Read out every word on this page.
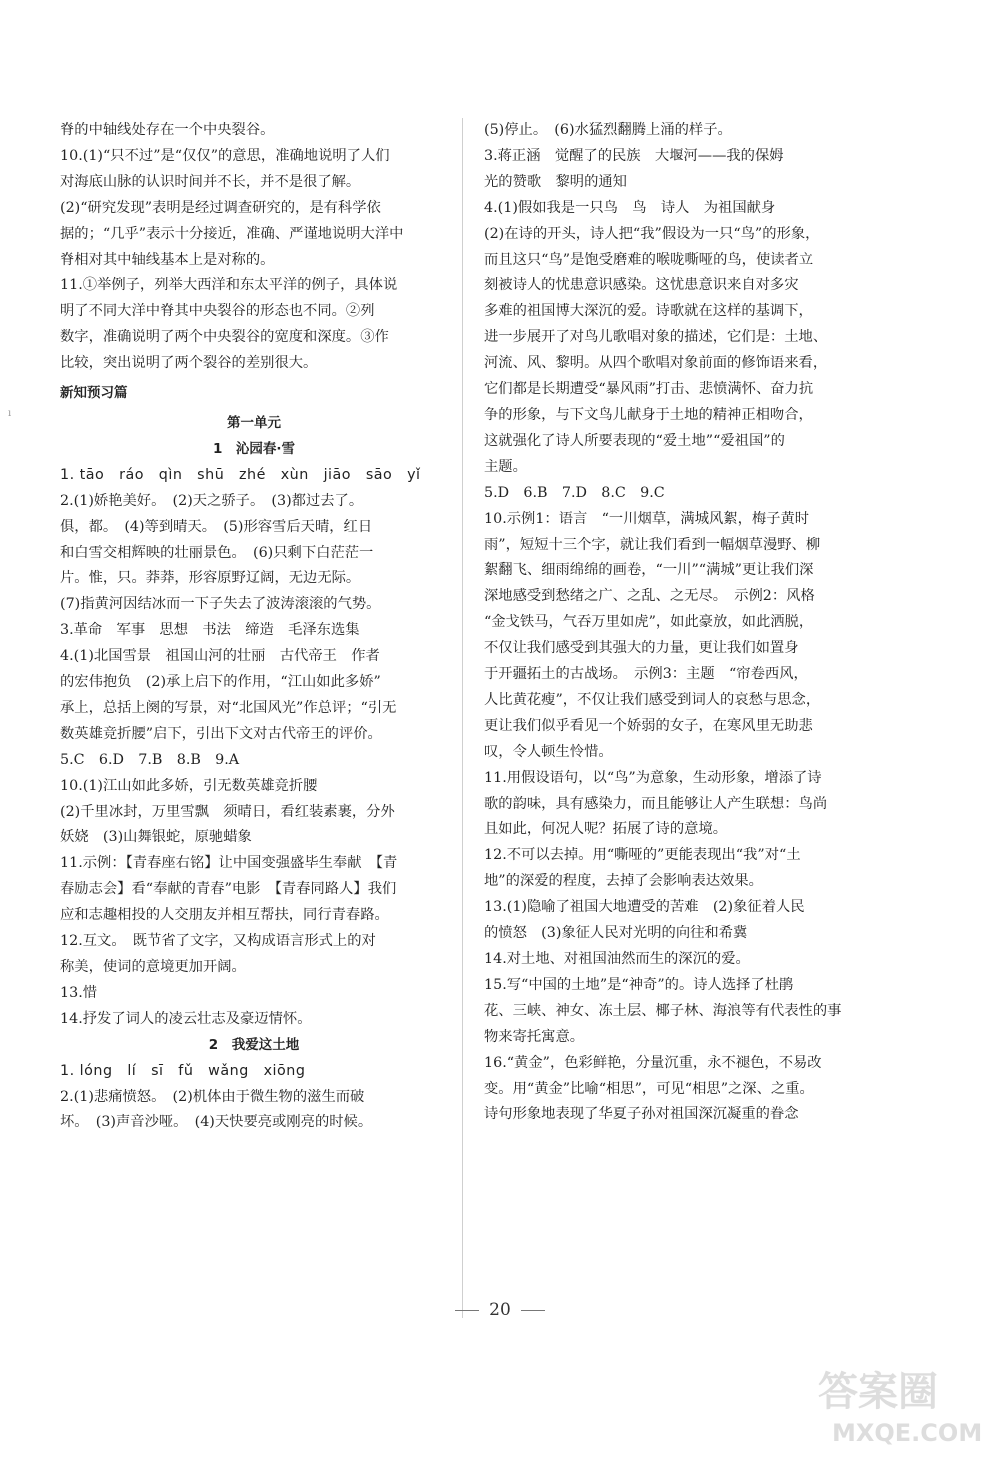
脊的中轴线处存在一个中央裂谷。

10.(1)“只不过”是“仅仅”的意思，准确地说明了人们

对海底山脉的认识时间并不长，并不是很了解。

(2)“研究发现”表明是经过调查研究的，是有科学依

据的；“几乎”表示十分接近，准确、严谨地说明大洋中

脊相对其中轴线基本上是对称的。

11.①举例子，列举大西洋和东太平洋的例子，具体说

明了不同大洋中脊其中央裂谷的形态也不同。②列

数字，准确说明了两个中央裂谷的宽度和深度。③作

比较，突出说明了两个裂谷的差别很大。

新知预习篇

第一单元

1　沁园春·雪

1. tāo　ráo　qìn　shū　zhé　xùn　jiāo　sāo　yǐ

2.(1)娇艳美好。　(2)天之骄子。　(3)都过去了。

俱，都。　(4)等到晴天。　(5)形容雪后天晴，红日

和白雪交相辉映的壮丽景色。　(6)只剩下白茫茫一

片。惟，只。莽莽，形容原野辽阔，无边无际。

(7)指黄河因结冰而一下子失去了波涛滚滚的气势。

3.革命　军事　思想　书法　缔造　毛泽东选集

4.(1)北国雪景　祖国山河的壮丽　古代帝王　作者

的宏伟抱负　(2)承上启下的作用，“江山如此多娇”

承上，总括上阕的写景，对“北国风光”作总评；“引无

数英雄竞折腰”启下，引出下文对古代帝王的评价。

5.C　6.D　7.B　8.B　9.A

10.(1)江山如此多娇，引无数英雄竞折腰

(2)千里冰封，万里雪飘　须晴日，看红装素裹，分外

妖娆　(3)山舞银蛇，原驰蜡象

11.示例：【青春座右铭】让中国变强盛毕生奉献　【青

春励志会】看“奉献的青春”电影　【青春同路人】我们

应和志趣相投的人交朋友并相互帮扶，同行青春路。

12.互文。　既节省了文字，又构成语言形式上的对

称美，使词的意境更加开阔。

13.惜

14.抒发了词人的凌云壮志及豪迈情怀。

2　我爱这土地

1. lóng　lí　sī　fǔ　wǎng　xiōng

2.(1)悲痛愤怒。　(2)机体由于微生物的滋生而破

坏。　(3)声音沙哑。　(4)天快要亮或刚亮的时候。

(5)停止。　(6)水猛烈翻腾上涌的样子。

3.蒋正涵　觉醒了的民族　大堰河——我的保姆

光的赞歌　黎明的通知

4.(1)假如我是一只鸟　鸟　诗人　为祖国献身

(2)在诗的开头，诗人把“我”假设为一只“鸟”的形象，

而且这只“鸟”是饱受磨难的喉咙嘶哑的鸟，使读者立

刻被诗人的忧患意识感染。这忧患意识来自对多灾

多难的祖国博大深沉的爱。诗歌就在这样的基调下，

进一步展开了对鸟儿歌唱对象的描述，它们是：土地、

河流、风、黎明。从四个歌唱对象前面的修饰语来看，

它们都是长期遭受“暴风雨”打击、悲愤满怀、奋力抗

争的形象，与下文鸟儿献身于土地的精神正相吻合，

这就强化了诗人所要表现的“爱土地”“爱祖国”的

主题。

5.D　6.B　7.D　8.C　9.C

10.示例1：语言　“一川烟草，满城风絮，梅子黄时

雨”，短短十三个字，就让我们看到一幅烟草漫野、柳

絮翻飞、细雨绵绵的画卷，“一川”“满城”更让我们深

深地感受到愁绪之广、之乱、之无尽。　示例2：风格

“金戈铁马，气吞万里如虎”，如此豪放，如此洒脱，

不仅让我们感受到其强大的力量，更让我们如置身

于开疆拓土的古战场。　示例3：主题　“帘卷西风，

人比黄花瘦”，不仅让我们感受到词人的哀愁与思念，

更让我们似乎看见一个娇弱的女子，在寒风里无助悲

叹，令人顿生怜惜。

11.用假设语句，以“鸟”为意象，生动形象，增添了诗

歌的韵味，具有感染力，而且能够让人产生联想：鸟尚

且如此，何况人呢？拓展了诗的意境。

12.不可以去掉。用“嘶哑的”更能表现出“我”对“土

地”的深爱的程度，去掉了会影响表达效果。

13.(1)隐喻了祖国大地遭受的苦难　(2)象征着人民

的愤怒　(3)象征人民对光明的向往和希冀

14.对土地、对祖国油然而生的深沉的爱。

15.写“中国的土地”是“神奇”的。诗人选择了杜鹃

花、三峡、神女、冻土层、椰子林、海浪等有代表性的事

物来寄托寓意。

16.“黄金”，色彩鲜艳，分量沉重，永不褪色，不易改

变。用“黄金”比喻“相思”，可见“相思”之深、之重。

诗句形象地表现了华夏子孙对祖国深沉凝重的眷念

20
ı
答案圈
MXQE.COM
